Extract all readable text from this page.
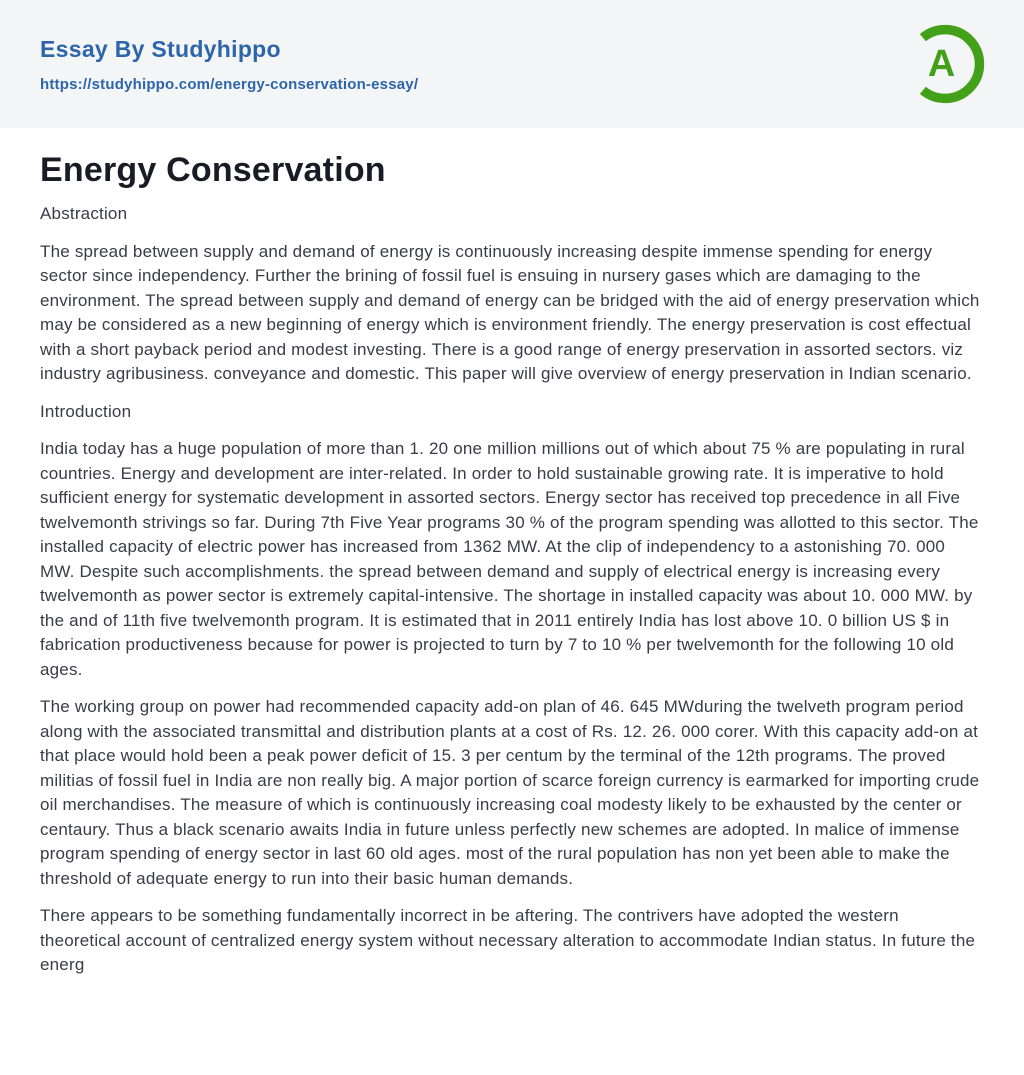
Essay By Studyhippo
https://studyhippo.com/energy-conservation-essay/	A
Energy Conservation

Abstraction

The spread between supply and demand of energy is continuously increasing despite immense spending for energy sector since independency. Further the brining of fossil fuel is ensuing in nursery gases which are damaging to the environment. The spread between supply and demand of energy can be bridged with the aid of energy preservation which may be considered as a new beginning of energy which is environment friendly. The energy preservation is cost effectual with a short payback period and modest investing. There is a good range of energy preservation in assorted sectors. viz industry agribusiness. conveyance and domestic. This paper will give overview of energy preservation in Indian scenario.

Introduction

India today has a huge population of more than 1. 20 one million millions out of which about 75 % are populating in rural countries. Energy and development are inter-related. In order to hold sustainable growing rate. It is imperative to hold sufficient energy for systematic development in assorted sectors. Energy sector has received top precedence in all Five twelvemonth strivings so far. During 7th Five Year programs 30 % of the program spending was allotted to this sector. The installed capacity of electric power has increased from 1362 MW. At the clip of independency to a astonishing 70. 000 MW. Despite such accomplishments. the spread between demand and supply of electrical energy is increasing every twelvemonth as power sector is extremely capital-intensive. The shortage in installed capacity was about 10. 000 MW. by the and of 11th five twelvemonth program. It is estimated that in 2011 entirely India has lost above 10. 0 billion US $ in fabrication productiveness because for power is projected to turn by 7 to 10 % per twelvemonth for the following 10 old ages.

The working group on power had recommended capacity add-on plan of 46. 645 MWduring the twelveth program period along with the associated transmittal and distribution plants at a cost of Rs. 12. 26. 000 corer. With this capacity add-on at that place would hold been a peak power deficit of 15. 3 per centum by the terminal of the 12th programs. The proved militias of fossil fuel in India are non really big. A major portion of scarce foreign currency is earmarked for importing crude oil merchandises. The measure of which is continuously increasing coal modesty likely to be exhausted by the center or centaury. Thus a black scenario awaits India in future unless perfectly new schemes are adopted. In malice of immense program spending of energy sector in last 60 old ages. most of the rural population has non yet been able to make the threshold of adequate energy to run into their basic human demands.

There appears to be something fundamentally incorrect in be aftering. The contrivers have adopted the western theoretical account of centralized energy system without necessary alteration to accommodate Indian status. In future the energ
